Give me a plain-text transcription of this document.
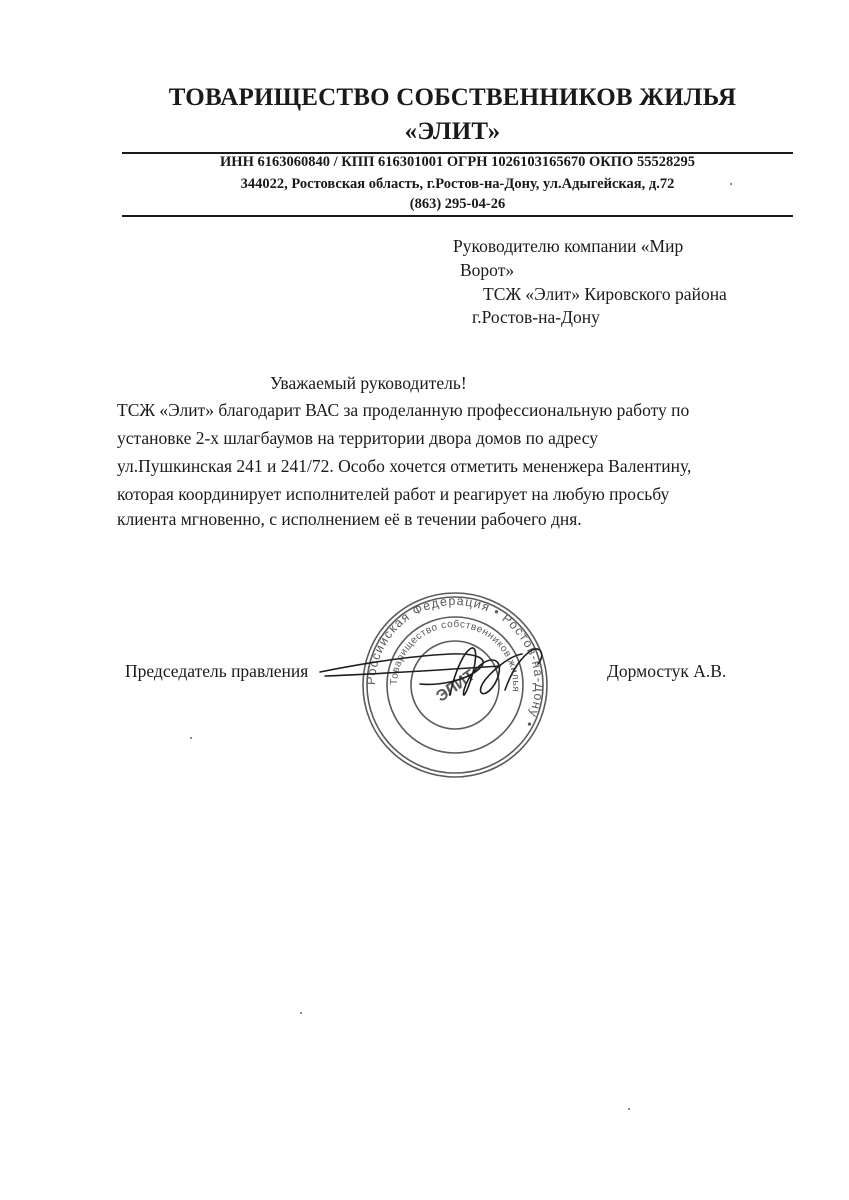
ТОВАРИЩЕСТВО СОБСТВЕННИКОВ ЖИЛЬЯ
«ЭЛИТ»
ИНН 6163060840 / КПП 616301001 ОГРН 1026103165670 ОКПО 55528295
344022, Ростовская область, г.Ростов-на-Дону, ул.Адыгейская, д.72
(863) 295-04-26
Руководителю компании «Мир
Ворот»
ТСЖ «Элит» Кировского района
г.Ростов-на-Дону
Уважаемый руководитель!
ТСЖ «Элит» благодарит ВАС за проделанную профессиональную работу по
установке 2-х шлагбаумов на территории двора домов по адресу
ул.Пушкинская 241 и 241/72. Особо хочется отметить мененжера Валентину,
которая координирует исполнителей работ и реагирует на любую просьбу
клиента мгновенно, с исполнением её в течении рабочего дня.
Российская Федерация • Ростов-на-Дону •
Товарищество собственников жилья
ЭЛИТ
Председатель правления	Дормостук А.В.
